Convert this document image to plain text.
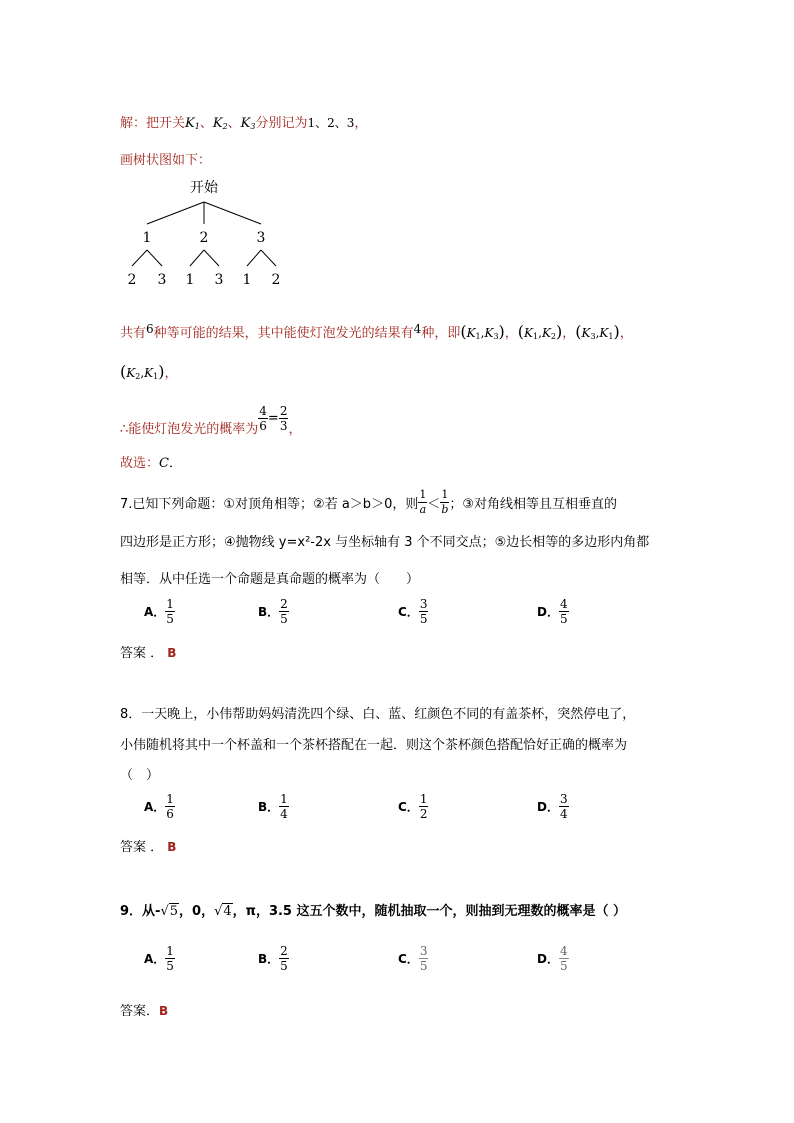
解：把开关$K_1$、$K_2$、$K_3$分别记为1、2、3，
画树状图如下：
开始
1	2	3
2 3 1 3 1 2
共有6种等可能的结果，其中能使灯泡发光的结果有4种，即$(K_1,K_3)$，$(K_1,K_2)$，$(K_3,K_1)$，
$(K_2,K_1)$，
∴能使灯泡发光的概率为 $\frac{4}{6} = \frac{2}{3}$ ，
故选：C．
7.已知下列命题：①对顶角相等；②若 a＞b＞0，则 $\frac{1}{a} < \frac{1}{b}$ ；③对角线相等且互相垂直的
四边形是正方形；④抛物线 y=x²-2x 与坐标轴有 3 个不同交点；⑤边长相等的多边形内角都
相等．从中任选一个命题是真命题的概率为（　　）
A． $\frac{1}{5}$	B． $\frac{2}{5}$	C． $\frac{3}{5}$	D． $\frac{4}{5}$
答案 ． B
8．一天晚上，小伟帮助妈妈清洗四个绿、白、蓝、红颜色不同的有盖茶杯，突然停电了，
小伟随机将其中一个杯盖和一个茶杯搭配在一起．则这个茶杯颜色搭配恰好正确的概率为
（　）
A． $\frac{1}{6}$	B． $\frac{1}{4}$	C． $\frac{1}{2}$	D． $\frac{3}{4}$
答案 ． B
9．从-√5，0，√4，π，3.5 这五个数中，随机抽取一个，则抽到无理数的概率是（ ）
A． $\frac{1}{5}$	B． $\frac{2}{5}$	C． $\frac{3}{5}$	D． $\frac{4}{5}$
答案．B
